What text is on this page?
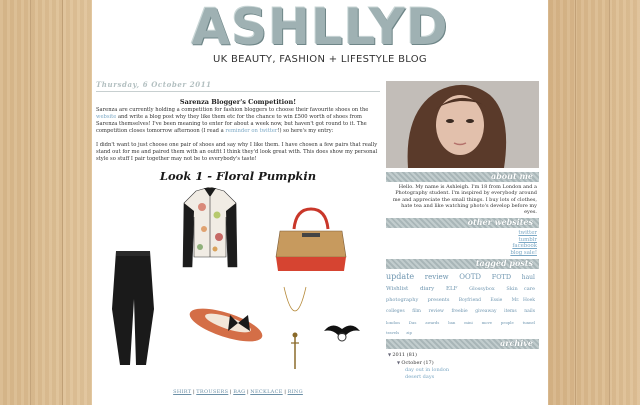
ASHLLYD
UK BEAUTY, FASHION + LIFESTYLE BLOG
Thursday, 6 October 2011
Sarenza Blogger's Competition!

Sarenza are currently holding a competition for fashion bloggers to choose their favourite shoes on the website and write a blog post why they like them etc for the chance to win £500 worth of shoes from Sarenza themselves! I've been meaning to enter for about a week now, but haven't got round to it. The competition closes tomorrow afternoon (I read a reminder on twitter!) so here's my entry:

I didn't want to just choose one pair of shoes and say why I like them. I have chosen a few pairs that really stand out for me and paired them with an outfit I think they'd look great with. This does show my personal style so stuff I pair together may not be to everybody's taste!

Look 1 - Floral Pumpkin
SHIRT | TROUSERS | BAG | NECKLACE | RING
about me
Hello. My name is Ashleigh. I'm 18 from London and a Photography student. I'm inspired by everybody around me and appreciate the small things. I buy lots of clothes, hate tea and like watching photo's develop before my eyes.
other websites
twitter
tumblr
facebook
blog sale!
tagged posts
update review OOTD FOTD haul Wishlist diary ELF Glossybox Skin care photography presents Boyfriend Essie Mr. Hoek colleges film review freebie giveaway items nails london Das awards ban mini move people tunnel travels zip
archive
▼ 2011 (81)
▼ October (17)
day out in london
desert days
